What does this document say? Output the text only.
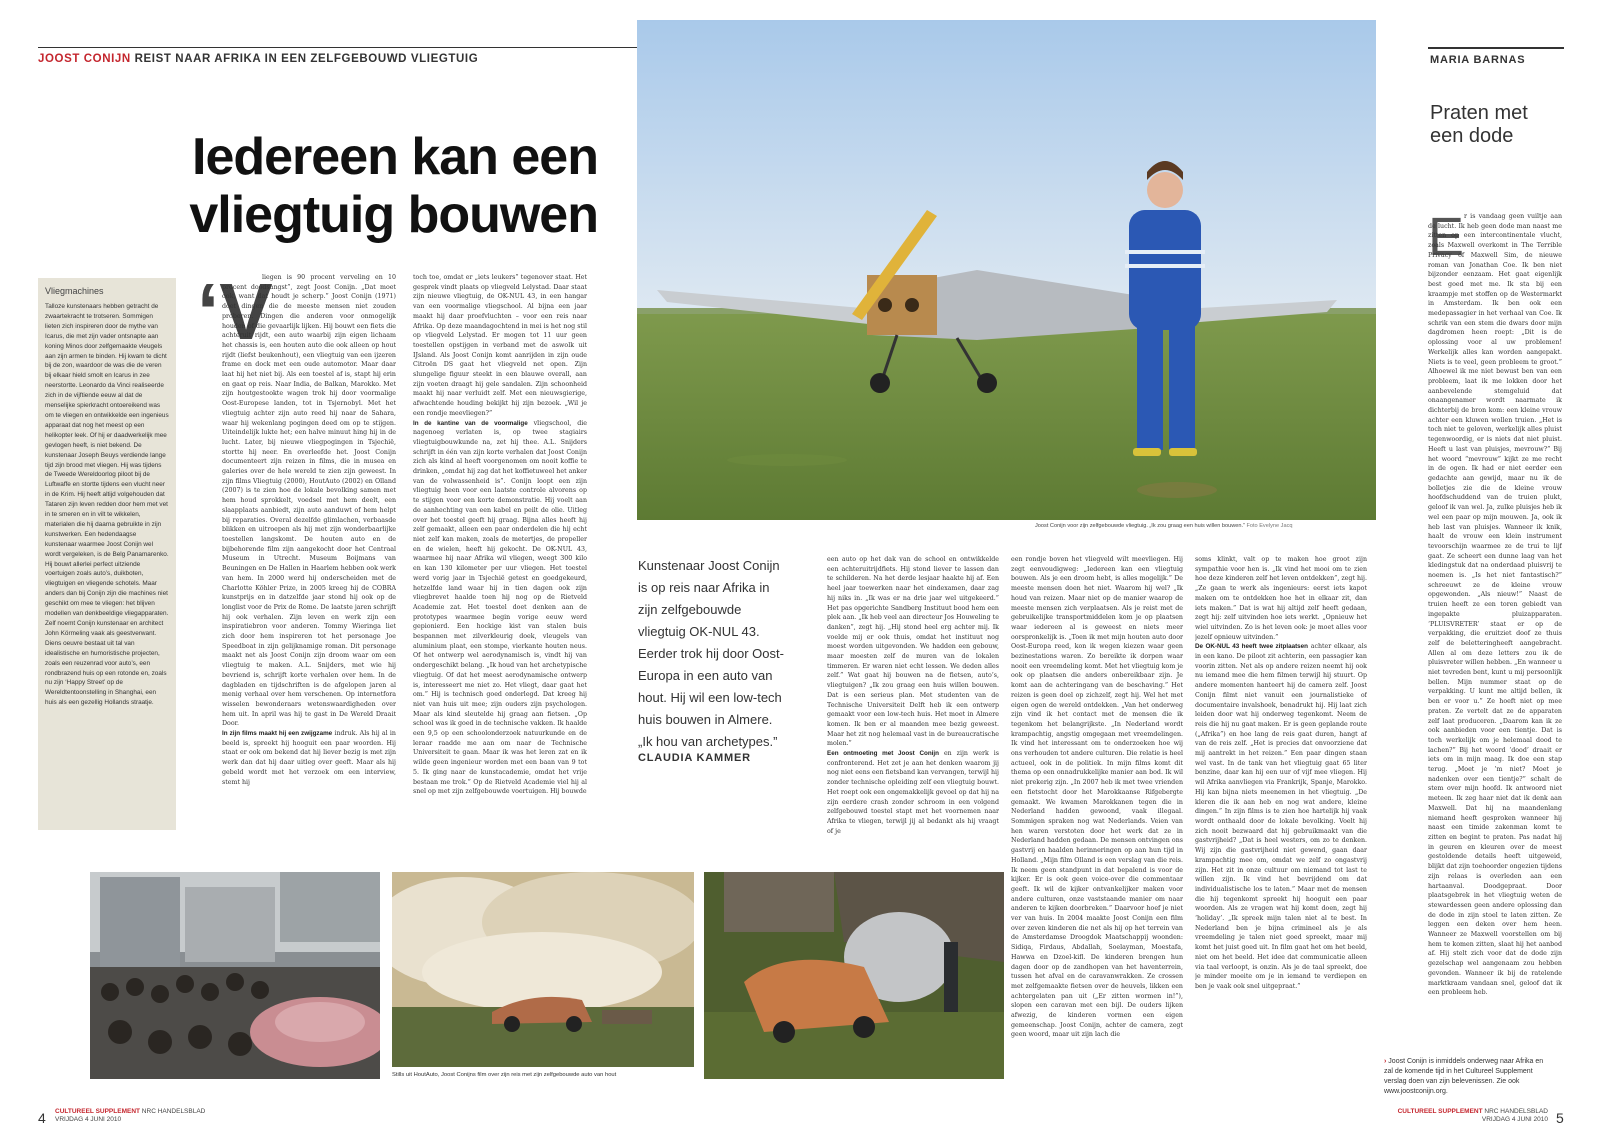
JOOST CONIJN REIST NAAR AFRIKA IN EEN ZELFGEBOUWD VLIEGTUIG	MARIA BARNAS
Iedereen kan een
vliegtuig bouwen
Vliegmachines

Talloze kunstenaars hebben getracht de zwaartekracht te trotseren. Sommigen lieten zich inspireren door de mythe van Icarus, die met zijn vader ontsnapte aan koning Minos door zelfgemaakte vleugels aan zijn armen te binden. Hij kwam te dicht bij de zon, waardoor de was die de veren bij elkaar hield smolt en Icarus in zee neerstortte. Leonardo da Vinci realiseerde zich in de vijftiende eeuw al dat de menselijke spierkracht ontoereikend was om te vliegen en ontwikkelde een ingenieus apparaat dat nog het meest op een helikopter leek. Of hij er daadwerkelijk mee gevlogen heeft, is niet bekend. De kunstenaar Joseph Beuys verdiende lange tijd zijn brood met vliegen. Hij was tijdens de Tweede Wereldoorlog piloot bij de Luftwaffe en stortte tijdens een vlucht neer in de Krim. Hij heeft altijd volgehouden dat Tataren zijn leven redden door hem met vet in te smeren en in vilt te wikkelen, materialen die hij daarna gebruikte in zijn kunstwerken. Een hedendaagse kunstenaar waarmee Joost Conijn wel wordt vergeleken, is de Belg Panamarenko. Hij bouwt allerlei perfect uitziende voertuigen zoals auto’s, duikboten, vliegtuigen en vliegende schotels. Maar anders dan bij Conijn zijn die machines niet geschikt om mee te vliegen: het blijven modellen van denkbeeldige vliegapparaten. Zelf noemt Conijn kunstenaar en architect John Körmeling vaak als geestverwant. Diens oeuvre bestaat uit tal van idealistische en humoristische projecten, zoals een reuzenrad voor auto’s, een rondbrazend huis op een rotonde en, zoals nu zijn ‘Happy Street’ op de Wereldtentoonstelling in Shanghai, een huis als een gezellig Hollands straatje.

‘V

liegen is 90 procent verveling en 10 procent doodsangst”, zegt Joost Conijn. „Dat moet ook, want dat houdt je scherp.” Joost Conijn (1971) doet dingen die de meeste mensen niet zouden proberen. Dingen die anderen voor onmogelijk houden of die gevaarlijk lijken. Hij bouwt een fiets die achteruit rijdt, een auto waarbij zijn eigen lichaam het chassis is, een houten auto die ook alleen op hout rijdt (liefst beukenhout), een vliegtuig van een ijzeren frame en dock met een oude automotor. Maar daar laat hij het niet bij. Als een toestel af is, stapt hij erin en gaat op reis. Naar India, de Balkan, Marokko. Met zijn houtgestookte wagen trok hij door voormalige Oost-Europese landen, tot in Tsjernobyl. Met het vliegtuig achter zijn auto reed hij naar de Sahara, waar hij wekenlang pogingen deed om op te stijgen. Uiteindelijk lukte het; een halve minuut hing hij in de lucht. Later, bij nieuwe vliegpogingen in Tsjechië, stortte hij neer. En overleefde het. Joost Conijn documenteert zijn reizen in films, die in musea en galeries over de hele wereld te zien zijn geweest. In zijn films Vliegtuig (2000), HoutAuto (2002) en Olland (2007) is te zien hoe de lokale bevolking samen met hem houd sprokkelt, voedsel met hem deelt, een slaapplaats aanbiedt, zijn auto aanduwt of hem helpt bij reparaties. Overal dezelfde glimlachen, verbaasde blikken en uitroepen als hij met zijn wonderbaarlijke toestellen langskomt. De houten auto en de bijbehorende film zijn aangekocht door het Centraal Museum in Utrecht. Museum Boijmans van Beuningen en De Hallen in Haarlem hebben ook werk van hem. In 2000 werd hij onderscheiden met de Charlotte Köhler Prize, in 2005 kreeg hij de COBRA kunstprijs en in datzelfde jaar stond hij ook op de longlist voor de Prix de Rome. De laatste jaren schrijft hij ook verhalen. Zijn leven en werk zijn een inspiratiebron voor anderen. Tommy Wieringa liet zich door hem inspireren tot het personage Joe Speedboat in zijn gelijknamige roman. Dit personage maakt net als Joost Conijn zijn droom waar om een vliegtuig te maken. A.L. Snijders, met wie hij bevriend is, schrijft korte verhalen over hem. In de dagbladen en tijdschriften is de afgelopen jaren al menig verhaal over hem verschenen. Op internetfora wisselen bewonderaars wetenswaardigheden over hem uit. In april was hij te gast in De Wereld Draait Door.

In zijn films maakt hij een zwijgzame indruk. Als hij al in beeld is, spreekt hij hooguit een paar woorden. Hij staat er ook om bekend dat hij liever bezig is met zijn werk dan dat hij daar uitleg over geeft. Maar als hij gebeld wordt met het verzoek om een interview, stemt hij

toch toe, omdat er „iets leukers” tegenover staat. Het gesprek vindt plaats op vliegveld Lelystad. Daar staat zijn nieuwe vliegtuig, de OK-NUL 43, in een hangar van een voormalige vliegschool. Al bijna een jaar maakt hij daar proefvluchten – voor een reis naar Afrika. Op deze maandagochtend in mei is het nog stil op vliegveld Lelystad. Er mogen tot 11 uur geen toestellen opstijgen in verband met de aswolk uit IJsland. Als Joost Conijn komt aanrijden in zijn oude Citroën DS gaat het vliegveld net open. Zijn slungelige figuur steekt in een blauwe overall, aan zijn voeten draagt hij gele sandalen. Zijn schoonheid maakt hij naar verluidt zelf. Met een nieuwsgierige, afwachtende houding bekijkt hij zijn bezoek. „Wil je een rondje meevliegen?”

In de kantine van de voormalige vliegschool, die nagenoeg verlaten is, op twee stagiairs vliegtuigbouwkunde na, zet hij thee. A.L. Snijders schrijft in één van zijn korte verhalen dat Joost Conijn zich als kind al heeft voorgenomen om nooit koffie te drinken, „omdat hij zag dat het koffietuweel het anker van de volwassenheid is”. Conijn loopt een zijn vliegtuig heen voor een laatste controle alvorens op te stijgen voor een korte demonstratie. Hij voelt aan de aanhechting van een kabel en peilt de olie. Uitleg over het toestel geeft hij graag. Bijna alles heeft hij zelf gemaakt, alleen een paar onderdelen die hij echt niet zelf kan maken, zoals de metertjes, de propeller en de wielen, heeft hij gekocht. De OK-NUL 43, waarmee hij naar Afrika wil vliegen, weegt 300 kilo en kan 130 kilometer per uur vliegen. Het toestel werd vorig jaar in Tsjechië getest en goedgekeurd, hetzelfde land waar hij in tien dagen ook zijn vliegbrevet haalde toen hij nog op de Rietveld Academie zat. Het toestel doet denken aan de prototypes waarmee begin vorige eeuw werd gepionierd. Een hockige kist van stalen buis bespannen met zilverkleurig doek, vleugels van aluminium plaat, een stompe, vierkante houten neus. Of het ontwerp wel aerodynamisch is, vindt hij van ondergeschikt belang. „Ik houd van het archetypische vliegtuig. Of dat het meest aerodynamische ontwerp is, interesseert me niet zo. Het vliegt, daar gaat het om.” Hij is technisch goed onderlegd. Dat kreeg hij niet van huis uit mee; zijn ouders zijn psychologen. Maar als kind sleutelde hij graag aan fietsen. „Op school was ik goed in de technische vakken. Ik haalde een 9,5 op een schoolonderzoek natuurkunde en de leraar raadde me aan om naar de Technische Universiteit te gaan. Maar ik was het leren zat en ik wilde geen ingenieur worden met een baan van 9 tot 5. Ik ging naar de kunstacademie, omdat het vrije bestaan me trok.” Op de Rietveld Academie viel hij al snel op met zijn zelfgebouwde voertuigen. Hij bouwde

Joost Conijn voor zijn zelfgebouwde vliegtuig. „Ik zou graag een huis willen bouwen.” Foto Evelyne Jacq
Kunstenaar Joost Conijn is op reis naar Afrika in zijn zelfgebouwde vliegtuig OK-NUL 43. Eerder trok hij door Oost-Europa in een auto van hout. Hij wil een low-tech huis bouwen in Almere. „Ik hou van archetypes.”
CLAUDIA KAMMER

een auto op het dak van de school en ontwikkelde een achteruitrijdfiets. Hij stond liever te lassen dan te schilderen. Na het derde lesjaar haakte hij af. Een heel jaar toewerken naar het eindexamen, daar zag hij niks in. „Ik was er na drie jaar wel uitgekeerd.” Het pas opgerichte Sandberg Instituut bood hem een plek aan. „Ik heb veel aan directeur Jos Houweling te danken”, zegt hij. „Hij stond heel erg achter mij. Ik voelde mij er ook thuis, omdat het instituut nog moest worden uitgevonden. We hadden een gebouw, maar moesten zelf de muren van de lokalen timmeren. Er waren niet echt lessen. We deden alles zelf.” Wat gaat hij bouwen na de fietsen, auto’s, vliegtuigen? „Ik zou graag een huis willen bouwen. Dat is een serieus plan. Met studenten van de Technische Universiteit Delft heb ik een ontwerp gemaakt voor een low-tech huis. Het moet in Almere komen. Ik ben er al maanden mee bezig geweest. Maar het zit nog helemaal vast in de bureaucratische molen.”

Een ontmoeting met Joost Conijn en zijn werk is confronterend. Het zet je aan het denken waarom jij nog niet eens een fietsband kan vervangen, terwijl hij zonder technische opleiding zelf een vliegtuig bouwt. Het roept ook een ongemakkelijk gevoel op dat hij na zijn eerdere crash zonder schroom in een volgend zelfgebouwd toestel stapt met het voornemen naar Afrika te vliegen, terwijl jij al bedankt als hij vraagt of je

een rondje boven het vliegveld wilt meevliegen. Hij zegt eenvoudigweg: „Iedereen kan een vliegtuig bouwen. Als je een droom hebt, is alles mogelijk.” De meeste mensen doen het niet. Waarom hij wel? „Ik houd van reizen. Maar niet op de manier waarop de meeste mensen zich verplaatsen. Als je reist met de gebruikelijke transportmiddelen kom je op plaatsen waar iedereen al is geweest en niets meer oorspronkelijk is. „Toen ik met mijn houten auto door Oost-Europa reed, kon ik wegen kiezen waar geen bezinestations waren. Zo bereikte ik dorpen waar nooit een vreemdeling komt. Met het vliegtuig kom je ook op plaatsen die anders onbereikbaar zijn. Je komt aan de achteringang van de beschaving.” Het reizen is geen doel op zichzelf, zegt hij. Wel het met eigen ogen de wereld ontdekken. „Van het onderweg zijn vind ik het contact met de mensen die ik tegenkom het belangrijkste. „In Nederland wordt krampachtig, angstig omgegaan met vreemdelingen. Ik vind het interessant om te onderzoeken hoe wij ons verhouden tot andere culturen. Die relatie is heel actueel, ook in de politiek. In mijn films komt dit thema op een onnadrukkelijke manier aan bod. Ik wil niet prekerig zijn. „In 2007 heb ik met twee vrienden een fietstocht door het Marokkaanse Rifgebergte gemaakt. We kwamen Marokkanen tegen die in Nederland hadden gewoond, vaak illegaal. Sommigen spraken nog wat Nederlands. Veien van hen waren verstoten door het werk dat ze in Nederland hadden gedaan. De mensen ontvingen ons gastvrij en haalden herinneringen op aan hun tijd in Holland. „Mijn film Olland is een verslag van die reis. Ik neem geen standpunt in dat bepalend is voor de kijker. Er is ook geen voice-over die commentaar geeft. Ik wil de kijker ontvankelijker maken voor andere culturen, onze vaststaande manier om naar anderen te kijken doorbreken.” Daarvoor hoef je niet ver van huis. In 2004 maakte Joost Conijn een film over zeven kinderen die net als hij op het terrein van de Amsterdamse Droogdok Maatschappij woonden: Sidiqa, Firdaus, Abdallah, Soelayman, Moestafa, Hawwa en Dzoel-kifl. De kinderen brengen hun dagen door op de zandhopen van het haventerrein, tussen het afval en de caravanwrakken. Ze crossen met zelfgemaakte fietsen over de heuvels, likken een achtergelaten pan uit („Er zitten wormen in!”), slopen een caravan met een bijl. De ouders lijken afwezig, de kinderen vormen een eigen gemeenschap. Joost Conijn, achter de camera, zegt geen woord, maar uit zijn lach die

soms klinkt, valt op te maken hoe groot zijn sympathie voor hen is. „Ik vind het mooi om te zien hoe deze kinderen zelf het leven ontdekken”, zegt hij. „Ze gaan te werk als ingenieurs: eerst iets kapot maken om te ontdekken hoe het in elkaar zit, dan iets maken.” Dat is wat hij altijd zelf heeft gedaan, zegt hij: zelf uitvinden hoe iets werkt. „Opnieuw het wiel uitvinden. Zo is het leven ook: je moet alles voor jezelf opnieuw uitvinden.”

De OK-NUL 43 heeft twee zitplaatsen achter elkaar, als in een kano. De piloot zit achterin, een passagier kan voorin zitten. Net als op andere reizen neemt hij ook nu iemand mee die hem filmen terwijl hij stuurt. Op andere momenten hanteert hij de camera zelf. Joost Conijn filmt niet vanuit een journalistieke of documentaire invalshoek, benadrukt hij. Hij laat zich leiden door wat hij onderweg tegenkomt. Neem de reis die hij nu gaat maken. Er is geen geplande route („Afrika”) en hoe lang de reis gaat duren, hangt af van de reis zelf. „Het is precies dat onvoorziene dat mij aantrekt in het reizen.” Een paar dingen staan wel vast. In de tank van het vliegtuig gaat 65 liter benzine, daar kan hij een uur of vijf mee vliegen. Hij wil Afrika aanvliegen via Frankrijk, Spanje, Marokko. Hij kan bijna niets meenemen in het vliegtuig. „De kleren die ik aan heb en nog wat andere, kleine dingen.” In zijn films is te zien hoe hartelijk hij vaak wordt onthaald door de lokale bevolking. Voelt hij zich nooit bezwaard dat hij gebruikmaakt van die gastvrijheid? „Dat is heel westers, om zo te denken. Wij zijn die gastvrijheid niet gewend, gaan daar krampachtig mee om, omdat we zelf zo ongastvrij zijn. Het zit in onze cultuur om niemand tot last te willen zijn. Ik vind het bevrijdend om dat individualistische los te laten.” Maar met de mensen die hij tegenkomt spreekt hij hooguit een paar woorden. Als ze vragen wat hij komt doen, zegt hij ‘holiday’. „Ik spreek mijn talen niet al te best. In Nederland ben je bijna crimineel als je als vreemdeling je talen niet goed spreekt, maar mij komt het juist goed uit. In film gaat het om het beeld, niet om het beeld. Het idee dat communicatie alleen via taal verloopt, is onzin. Als je de taal spreekt, doe je minder moeite om je in iemand te verdiepen en ben je vaak ook snel uitgepraat.”

› Joost Conijn is inmiddels onderweg naar Afrika en zal de komende tijd in het Cultureel Supplement verslag doen van zijn belevenissen. Zie ook www.joostconijn.org.
Praten met een dode
E r is vandaag geen vuiltje aan de lucht. Ik heb geen dode man naast me zitten op een intercontinentale vlucht, zoals Maxwell overkomt in The Terrible Privacy of Maxwell Sim, de nieuwe roman van Jonathan Coe. Ik ben niet bijzonder eenzaam. Het gaat eigenlijk best goed met me. Ik sta bij een kraampje met stoffen op de Westermarkt in Amsterdam. Ik ben ook een medepassagier in het verhaal van Coe. Ik schrik van een stem die dwars door mijn dagdromen heen roept: „Dit is de oplossing voor al uw problemen! Werkelijk alles kan worden aangepakt. Niets is te veel, geen probleem te groot.” Alhoewel ik me niet bewust ben van een probleem, laat ik me lokken door het aanbevelende stemgeluid dat onaangenamer wordt naarmate ik dichterbij de bron kom: een kleine vrouw achter een kluwen wollen truien. „Het is toch niet te geloven, werkelijk alles pluist tegenwoordig, er is niets dat niet pluist. Heeft u last van pluisjes, mevrouw?” Bij het woord “mevrouw” kijkt ze me recht in de ogen. Ik had er niet eerder een gedachte aan gewijd, maar nu ik de bolletjes zie die de kleine vrouw hoofdschuddend van de truien plukt, geloof ik van wel. Ja, zulke pluisjes heb ik wel een paar op mijn mouwen. Ja, ook ik heb last van pluisjes. Wanneer ik knik, haalt de vrouw een klein instrument tevoorschijn waarmee ze de trui te lijf gaat. Ze scheert een dunne laag van het kledingstuk dat na onderdaad pluisvrij te noemen is. „Is het niet fantastisch?” schreeuwt ze de kleine vrouw opgewonden. „Als nieuw!” Naast de truien heeft ze een toren gebiedt van ingepakte pluizapparaten. ‘PLUISVRETER’ staat er op de verpakking, die eruitziet doof ze thuis zelf de beletteringheeft aangebracht. Allen al om deze letters zou ik de pluisvreter willen hebben. „En wanneer u niet tevreden bent, kunt u mij persoonlijk bellen. Mijn nummer staat op de verpakking. U kunt me altijd bellen, ik ben er voor u.” Ze hoeft niet op mee praten. Ze vertelt dat ze de apparaten zelf laat produceren. „Daarom kan ik ze ook aanbieden voor een tientje. Dat is toch werkelijk om je helemaal dood te lachen?” Bij het woord ‘dood’ draait er iets om in mijn maag. Ik doe een stap terug. „Moet je ’m niet? Moet je nadenken over een tientje?” schalt de stem over mijn hoofd. Ik antwoord niet meteen. Ik zeg haar niet dat ik denk aan Maxwell. Dat hij na maandenlang niemand heeft gesproken wanneer hij naast een timide zakenman komt te zitten en begint te praten. Pas nadat hij in geuren en kleuren over de meest gestoldende details heeft uitgeweid, blijkt dat zijn toehoorder ongezien tijdens zijn relaas is overleden aan een hartaanval. Doodgepraat. Door plaatsgebrek in het vliegtuig weten de stewardessen geen andere oplossing dan de dode in zijn stoel te laten zitten. Ze leggen een deken over hem heen. Wanneer ze Maxwell voorstellen om bij hem te komen zitten, slaat hij het aanbod af. Hij stelt zich voor dat de dode zijn gezelschap wel aangenaam zou hebben gevonden. Wanneer ik bij de ratelende marktkraam vandaan snel, geloof dat ik een probleem heb.

Stills uit HoutAuto, Joost Conijns film over zijn reis met zijn zelfgebouwde auto van hout
4 CULTUREEL SUPPLEMENT NRC HANDELSBLAD
VRIJDAG 4 JUNI 2010
CULTUREEL SUPPLEMENT NRC HANDELSBLAD
VRIJDAG 4 JUNI 2010 5
